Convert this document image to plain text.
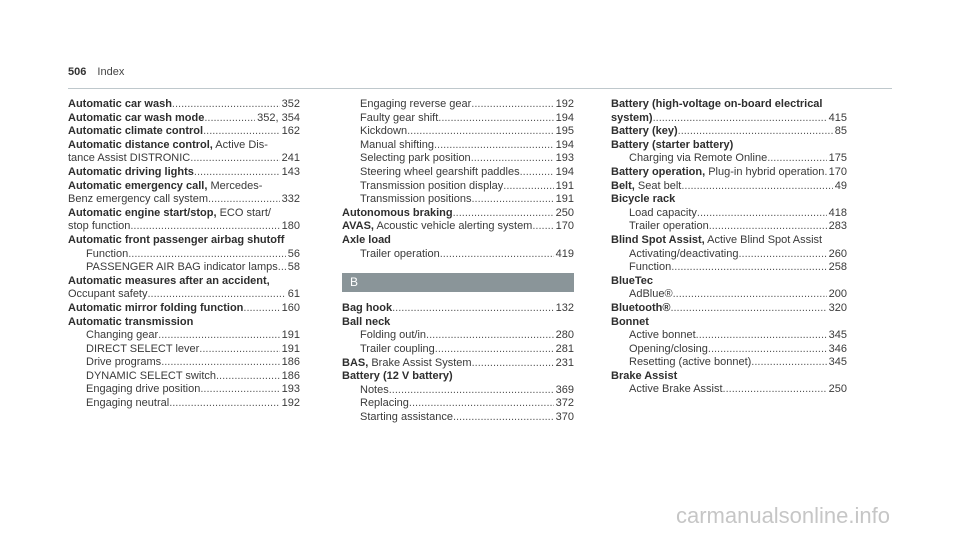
506 Index
Automatic car wash .....	352
Automatic car wash mode .....	352, 354
Automatic climate control .....	162
Automatic distance control, Active Dis-
tance Assist DISTRONIC .....	241
Automatic driving lights .....	143
Automatic emergency call, Mercedes-
Benz emergency call system .....	332
Automatic engine start/stop, ECO start/
stop function .....	180
Automatic front passenger airbag shutoff
Function .....	56
PASSENGER AIR BAG indicator lamps ..... 58
Automatic measures after an accident,
Occupant safety .....	61
Automatic mirror folding function .....	160
Automatic transmission
Changing gear .....	191
DIRECT SELECT lever .....	191
Drive programs .....	186
DYNAMIC SELECT switch .....	186
Engaging drive position .....	193
Engaging neutral .....	192
Engaging reverse gear .....	192
Faulty gear shift .....	194
Kickdown .....	195
Manual shifting .....	194
Selecting park position .....	193
Steering wheel gearshift paddles .....	194
Transmission position display .....	191
Transmission positions .....	191
Autonomous braking .....	250
AVAS, Acoustic vehicle alerting system ..... 170
Axle load
Trailer operation .....	419
B
Bag hook .....	132
Ball neck
Folding out/in .....	280
Trailer coupling .....	281
BAS, Brake Assist System .....	231
Battery (12 V battery)
Notes .....	369
Replacing .....	372
Starting assistance .....	370
Battery (high-voltage on-board electrical
system) .....	415
Battery (key) .....	85
Battery (starter battery)
Charging via Remote Online .....	175
Battery operation, Plug-in hybrid operation ..... 170
Belt, Seat belt .....	49
Bicycle rack
Load capacity .....	418
Trailer operation .....	283
Blind Spot Assist, Active Blind Spot Assist
Activating/deactivating .....	260
Function .....	258
BlueTec
AdBlue® .....	200
Bluetooth® .....	320
Bonnet
Active bonnet .....	345
Opening/closing .....	346
Resetting (active bonnet) .....	345
Brake Assist
Active Brake Assist .....	250
carmanualsonline.info
